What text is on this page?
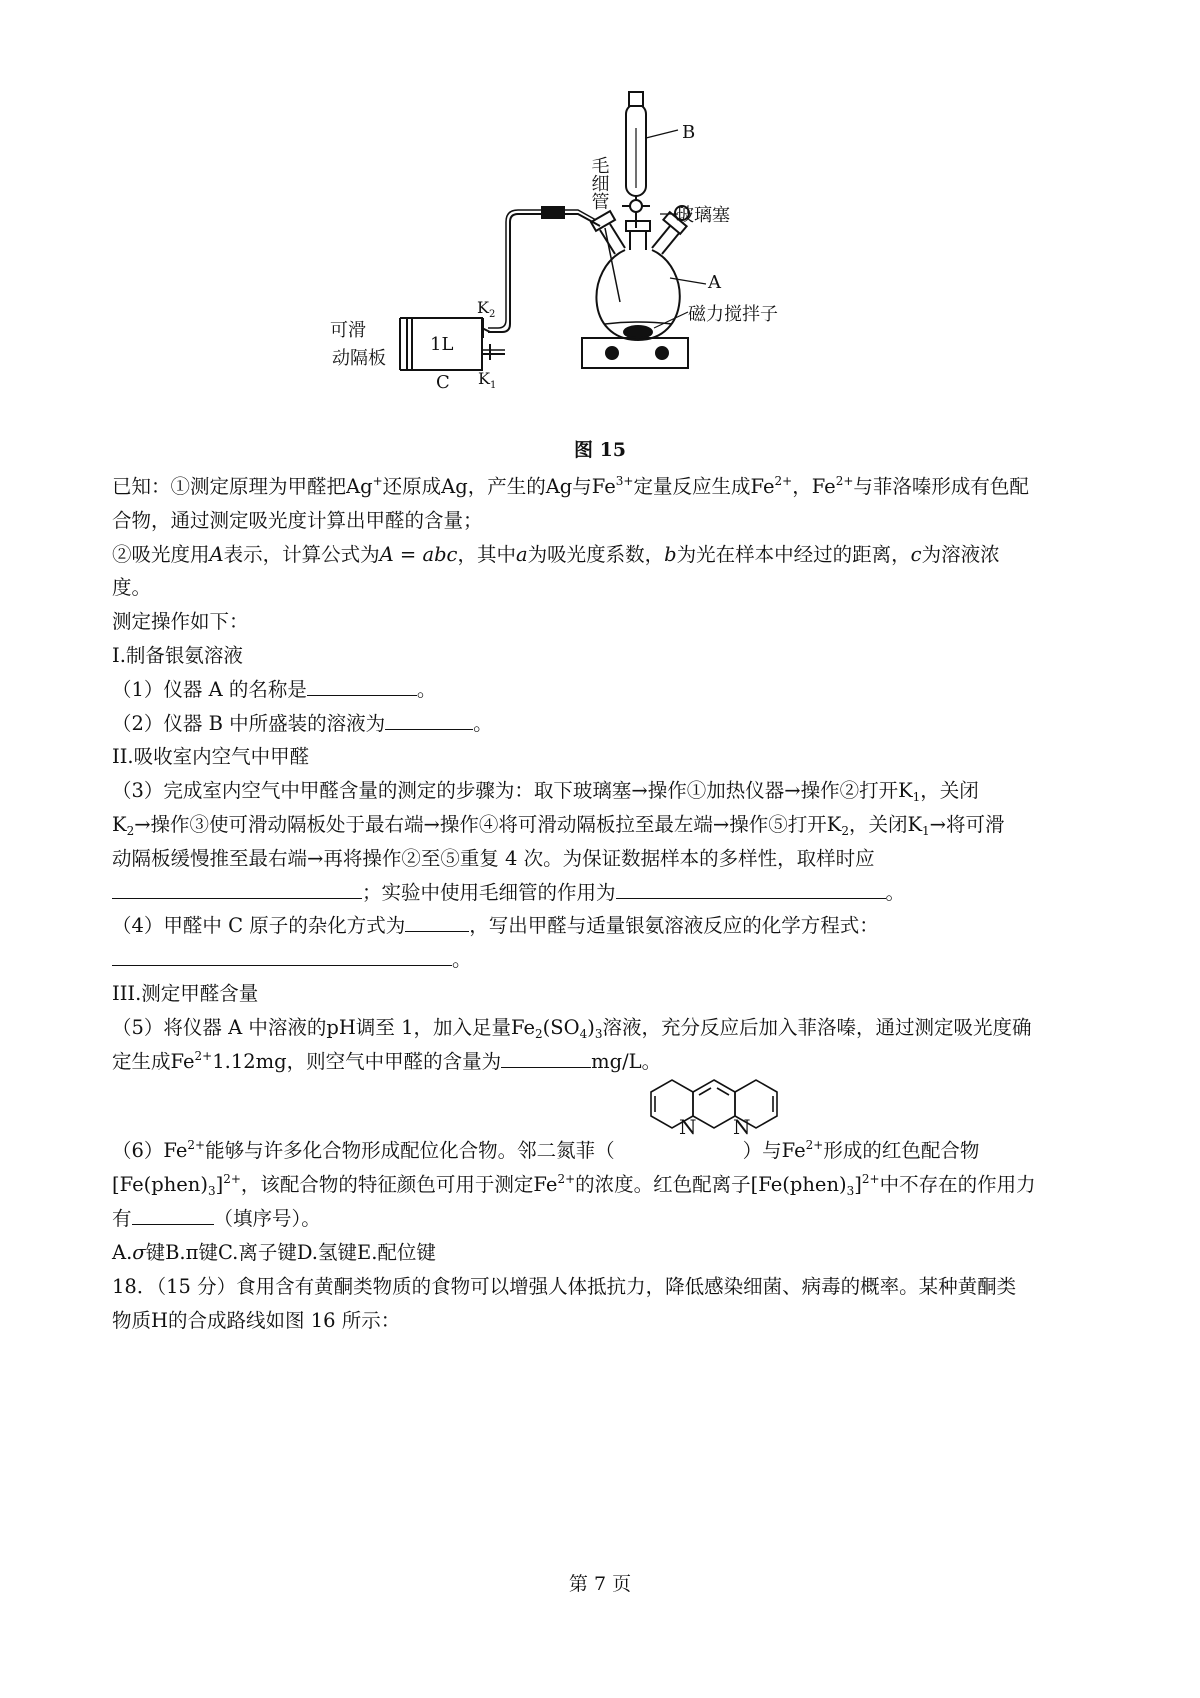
B
毛细管
玻璃塞
A
磁力搅拌子
可滑
动隔板
1L
C
$K_2$
$K_1$
图 15
已知：①测定原理为甲醛把Ag+还原成Ag，产生的Ag与$Fe^{3+}$定量反应生成$Fe^{2+}$，$Fe^{2+}$与菲洛嗪形成有色配
合物，通过测定吸光度计算出甲醛的含量；
②吸光度用A表示，计算公式为A = abc，其中a为吸光度系数，b为光在样本中经过的距离，c为溶液浓
度。
测定操作如下：
I.制备银氨溶液
（1）仪器 A 的名称是	。
（2）仪器 B 中所盛装的溶液为	。
II.吸收室内空气中甲醛
（3）完成室内空气中甲醛含量的测定的步骤为：取下玻璃塞→操作①加热仪器→操作②打开$K_1$，关闭
$K_2\to$操作③使可滑动隔板处于最右端→操作④将可滑动隔板拉至最左端→操作⑤打开$K_2$，关闭$K_1\to$将可滑
动隔板缓慢推至最右端→再将操作②至⑤重复 4 次。为保证数据样本的多样性，取样时应
；实验中使用毛细管的作用为	。
（4）甲醛中 C 原子的杂化方式为	，写出甲醛与适量银氨溶液反应的化学方程式：
。
III.测定甲醛含量
（5）将仪器 A 中溶液的pH调至 1，加入足量$Fe_2(SO_4)_3$溶液，充分反应后加入菲洛嗪，通过测定吸光度确
定生成$Fe^{2+}1.12mg$，则空气中甲醛的含量为	mg/L。
N N
$(6)Fe^{2+}$能够与许多化合物形成配位化合物。邻二氮菲（	）与$Fe^{2+}$形成的红色配合物
$[Fe(phen)_3]^{2+}$，该配合物的特征颜色可用于测定$Fe^{2+}$的浓度。红色配离子$[Fe(phen)_3]^{2+}$中不存在的作用力
有	（填序号）。
A.σ键B.π键C.离子键D.氢键E.配位键
18．（15 分）食用含有黄酮类物质的食物可以增强人体抵抗力，降低感染细菌、病毒的概率。某种黄酮类
物质H的合成路线如图 16 所示：
第 7 页
